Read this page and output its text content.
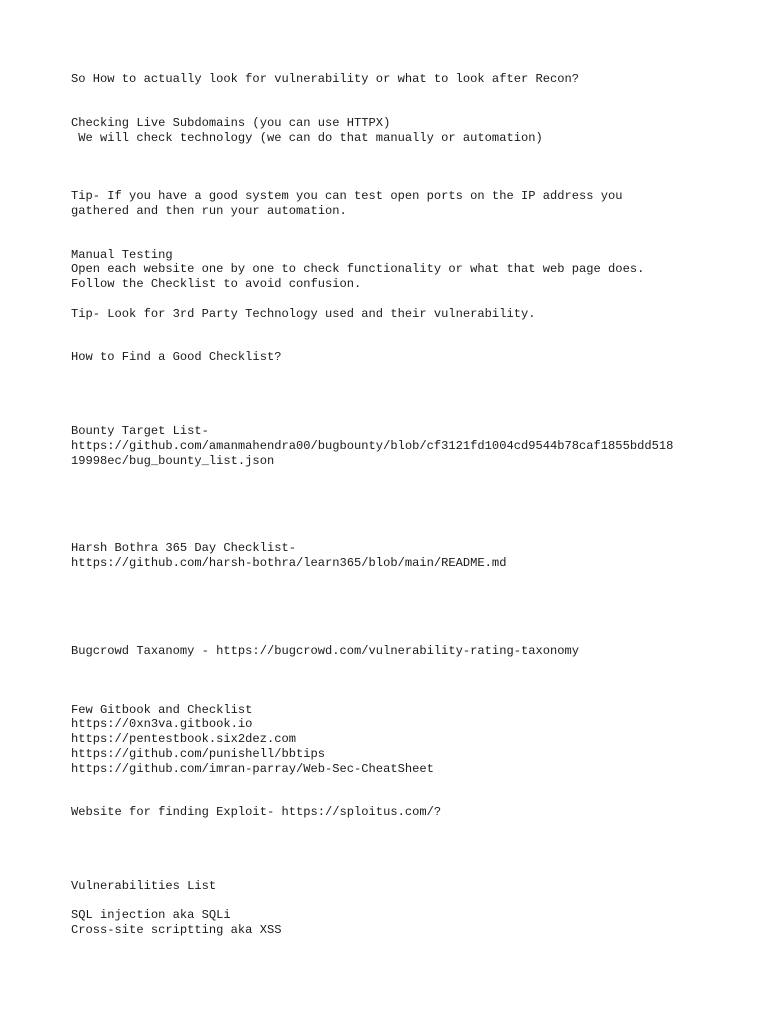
So How to actually look for vulnerability or what to look after Recon?

Checking Live Subdomains (you can use HTTPX)

We will check technology (we can do that manually or automation)

Tip- If you have a good system you can test open ports on the IP address you

gathered and then run your automation.

Manual Testing

Open each website one by one to check functionality or what that web page does.

Follow the Checklist to avoid confusion.

Tip- Look for 3rd Party Technology used and their vulnerability.

How to Find a Good Checklist?

Bounty Target List-

https://github.com/amanmahendra00/bugbounty/blob/cf3121fd1004cd9544b78caf1855bdd518

19998ec/bug_bounty_list.json

Harsh Bothra 365 Day Checklist-

https://github.com/harsh-bothra/learn365/blob/main/README.md

Bugcrowd Taxanomy - https://bugcrowd.com/vulnerability-rating-taxonomy

Few Gitbook and Checklist

https://0xn3va.gitbook.io

https://pentestbook.six2dez.com

https://github.com/punishell/bbtips

https://github.com/imran-parray/Web-Sec-CheatSheet

Website for finding Exploit- https://sploitus.com/?

Vulnerabilities List

SQL injection aka SQLi

Cross-site scriptting aka XSS
